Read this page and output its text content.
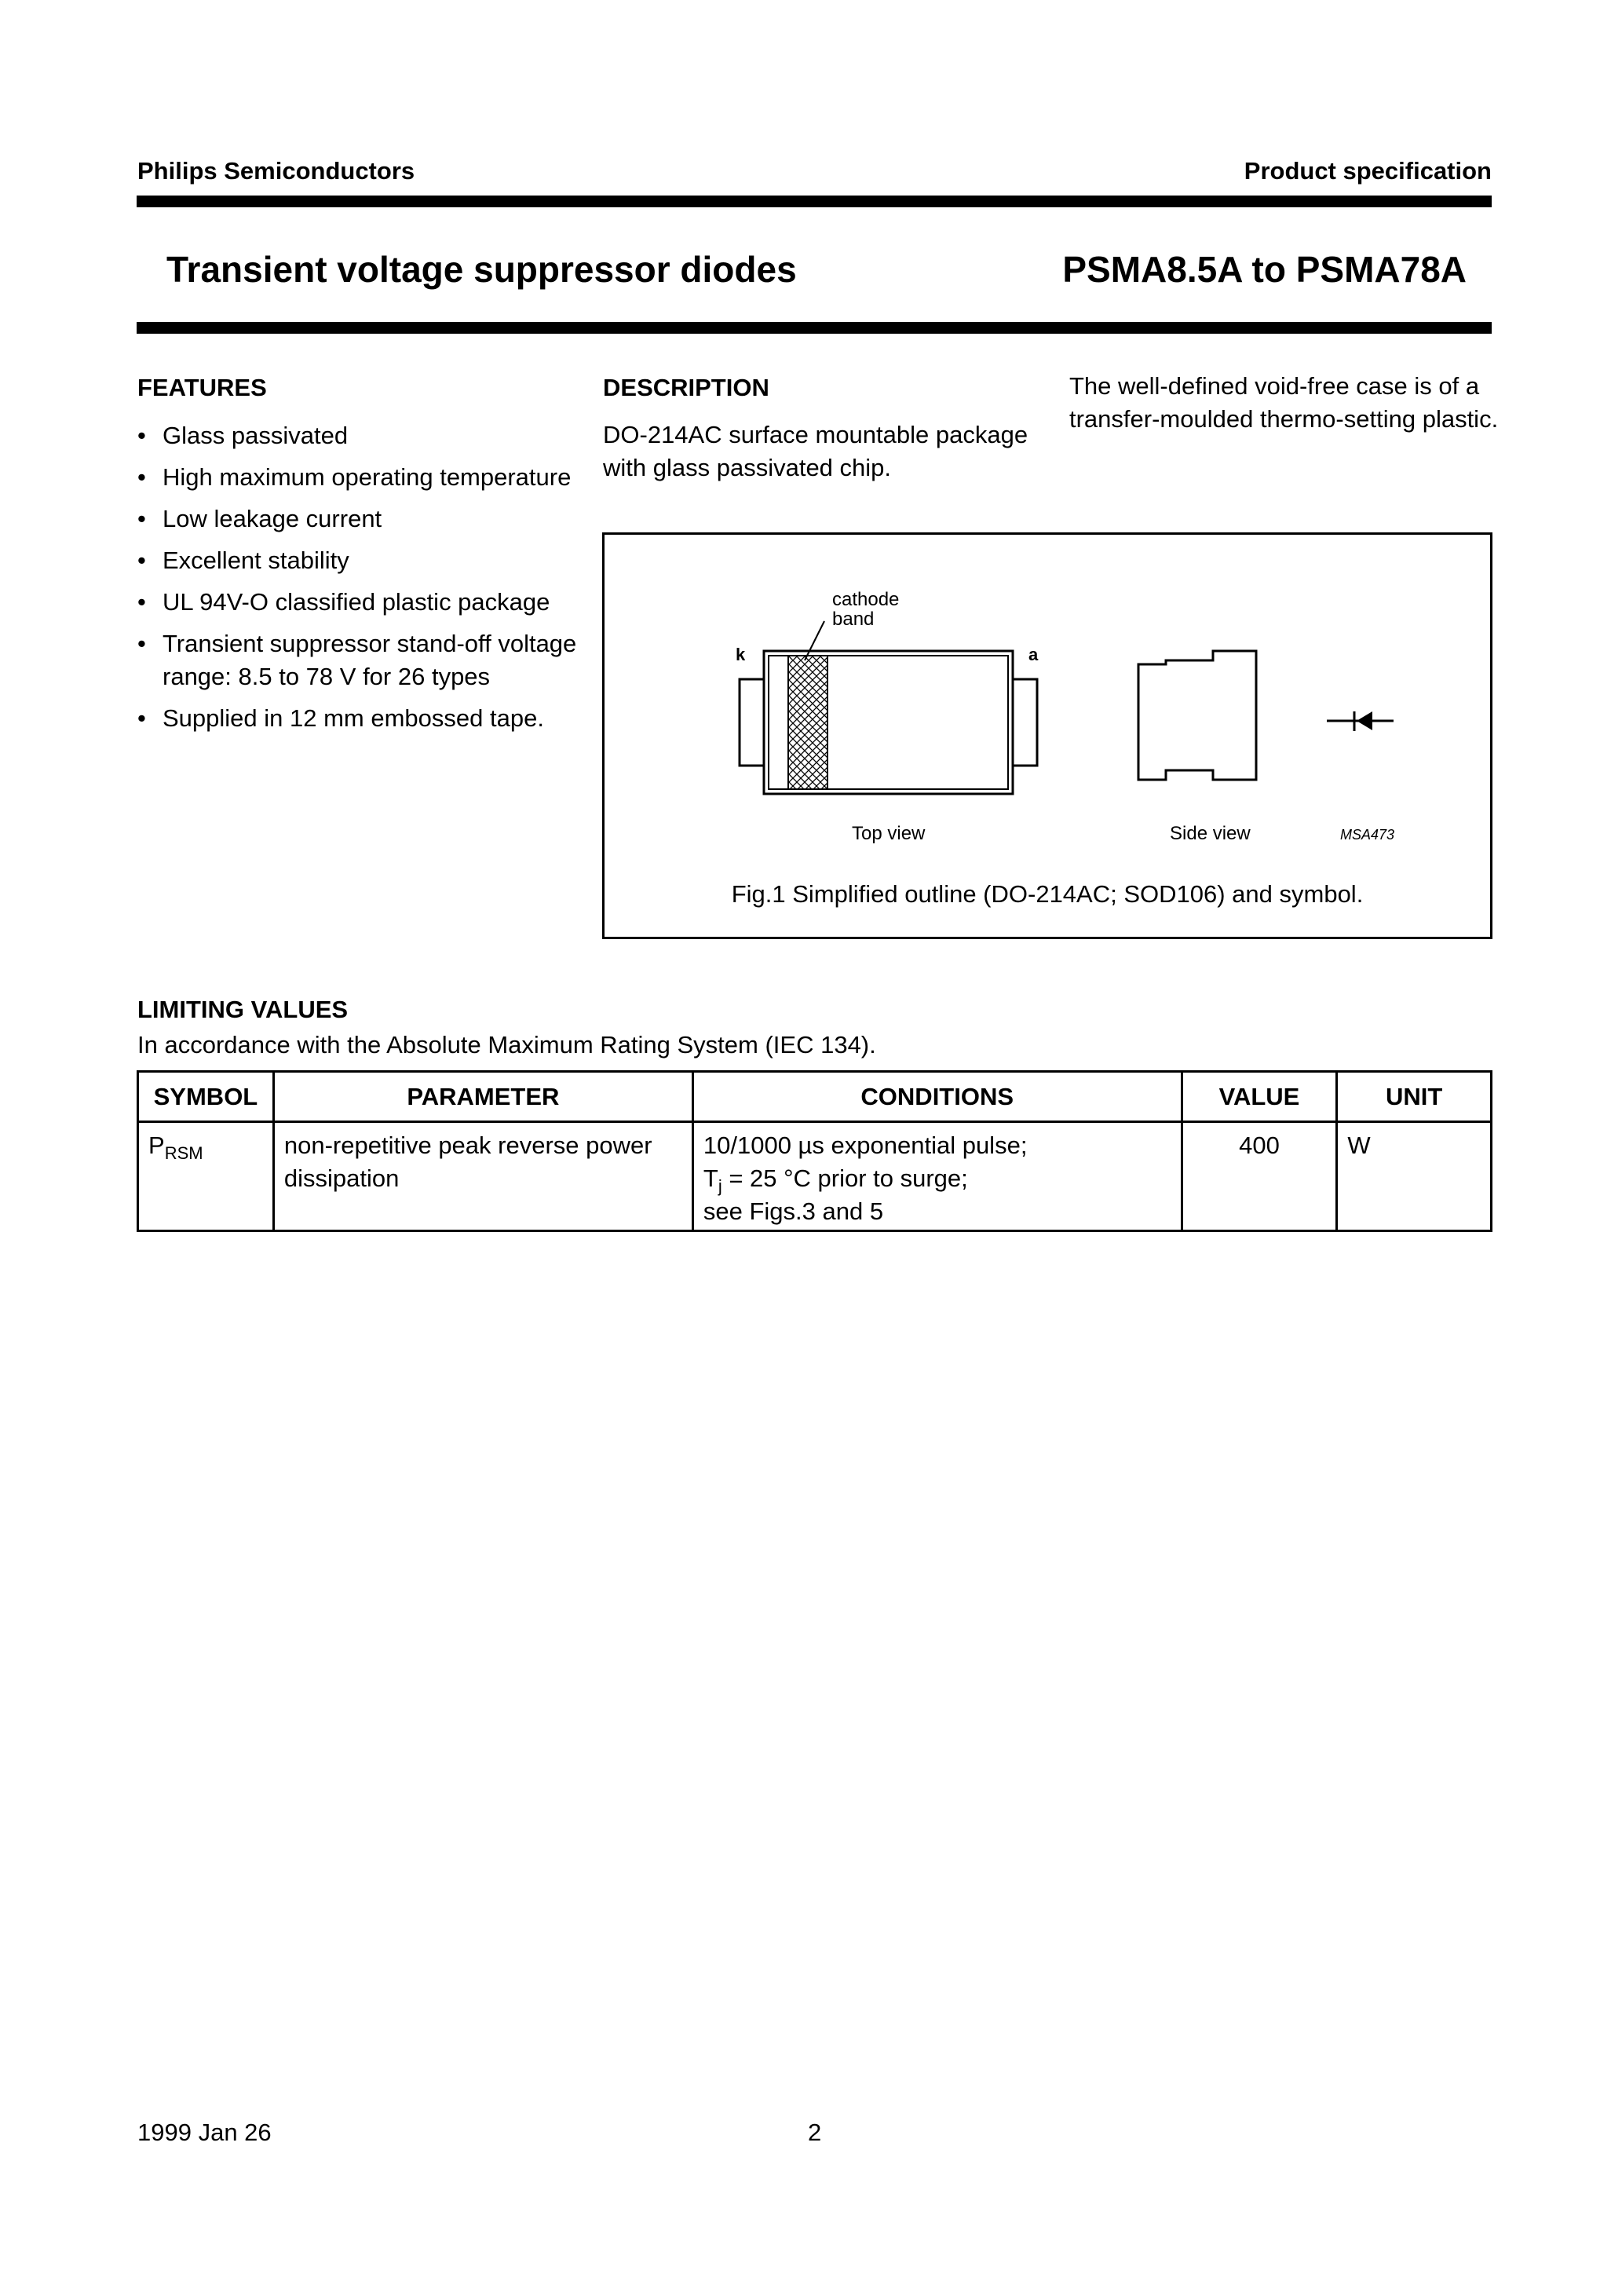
Philips Semiconductors	Product specification
Transient voltage suppressor diodes	PSMA8.5A to PSMA78A
FEATURES
• Glass passivated
• High maximum operating temperature
• Low leakage current
• Excellent stability
• UL 94V-O classified plastic package
• Transient suppressor stand-off voltage range: 8.5 to 78 V for 26 types
• Supplied in 12 mm embossed tape.
DESCRIPTION
DO-214AC surface mountable package with glass passivated chip.
The well-defined void-free case is of a transfer-moulded thermo-setting plastic.
cathode
band
k	a
Top view	Side view	MSA473
Fig.1 Simplified outline (DO-214AC; SOD106) and symbol.
LIMITING VALUES
In accordance with the Absolute Maximum Rating System (IEC 134).
SYMBOL	PARAMETER	CONDITIONS	VALUE	UNIT
$P_{RSM}$	non-repetitive peak reverse power dissipation	10/1000 µs exponential pulse;
$T_j = 25$ °C prior to surge;
see Figs.3 and 5	400	W
1999 Jan 26	2
